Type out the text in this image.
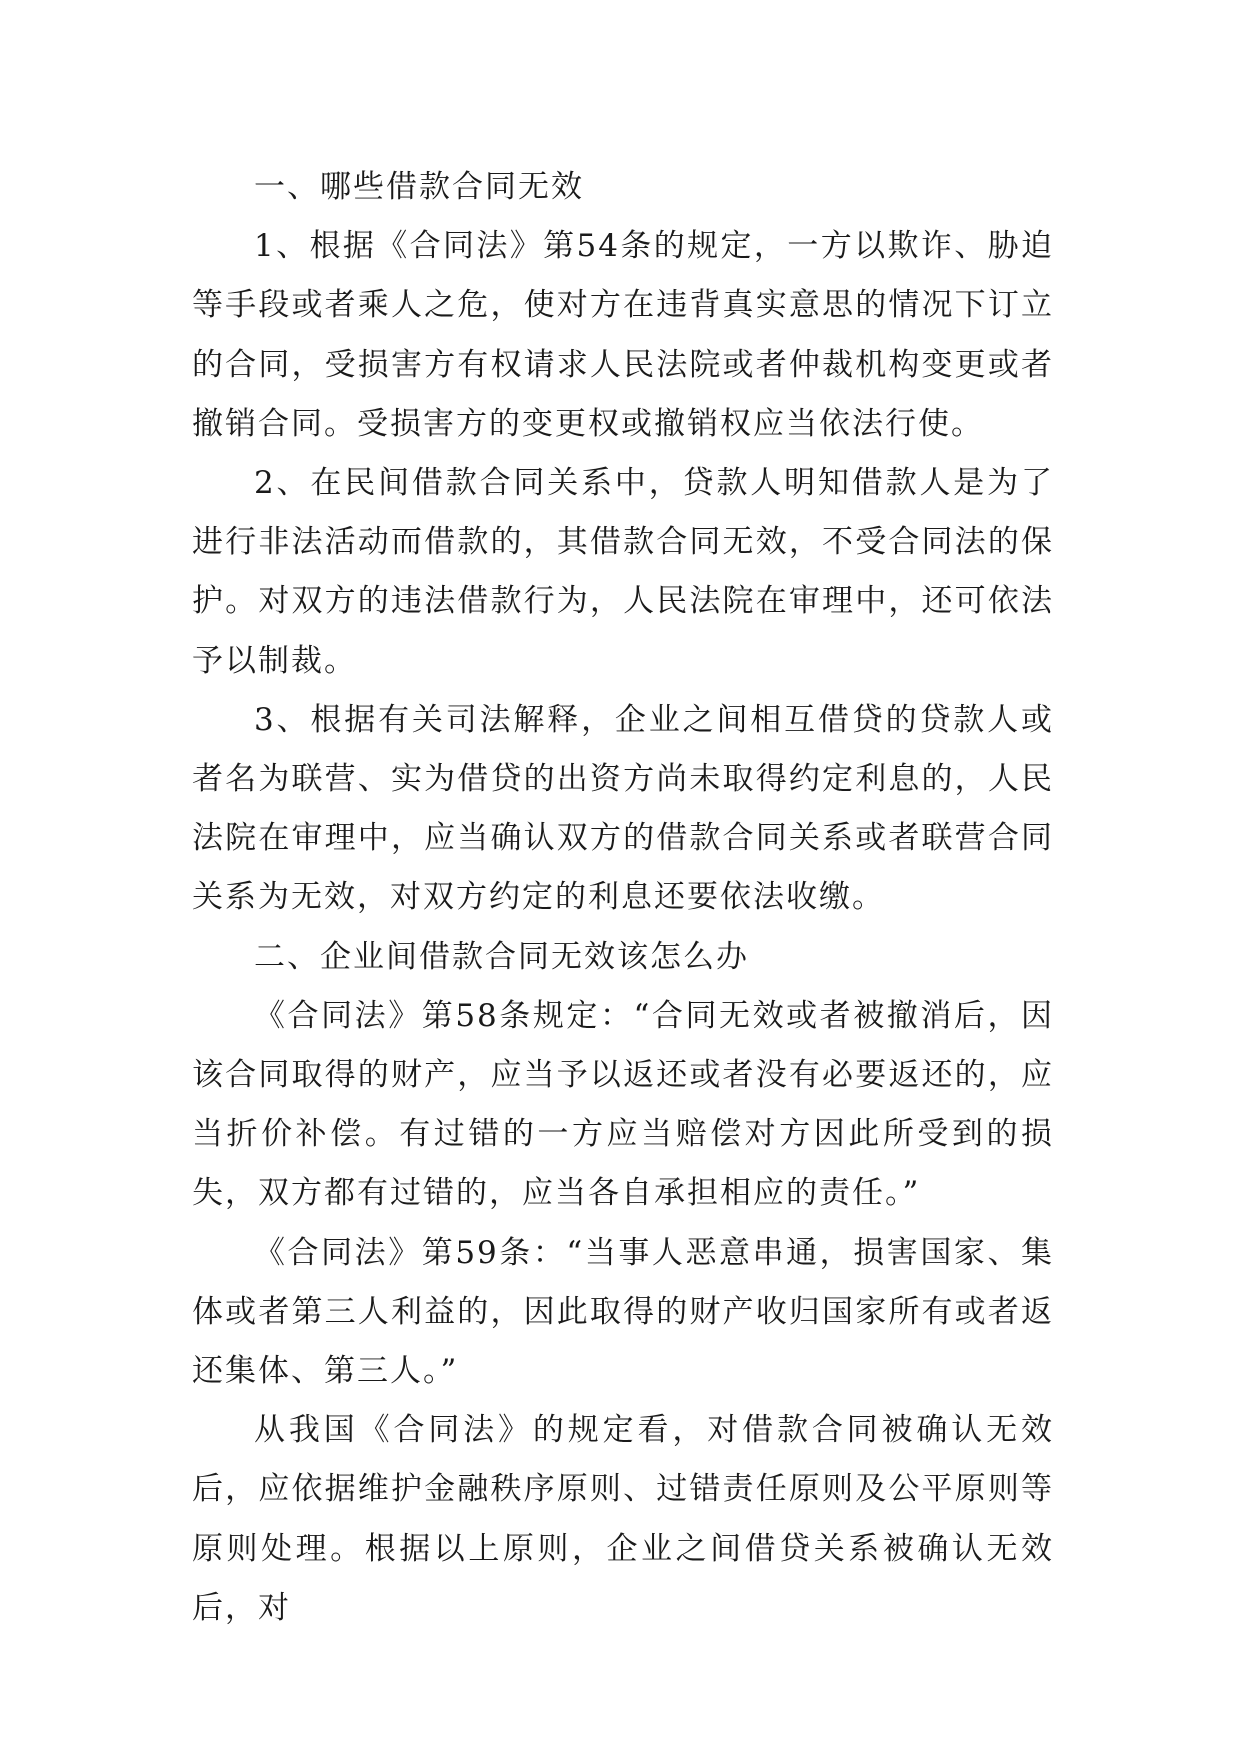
一、哪些借款合同无效

1、根据《合同法》第54条的规定，一方以欺诈、胁迫等手段或者乘人之危，使对方在违背真实意思的情况下订立的合同，受损害方有权请求人民法院或者仲裁机构变更或者撤销合同。受损害方的变更权或撤销权应当依法行使。

2、在民间借款合同关系中，贷款人明知借款人是为了进行非法活动而借款的，其借款合同无效，不受合同法的保护。对双方的违法借款行为，人民法院在审理中，还可依法予以制裁。

3、根据有关司法解释，企业之间相互借贷的贷款人或者名为联营、实为借贷的出资方尚未取得约定利息的，人民法院在审理中，应当确认双方的借款合同关系或者联营合同关系为无效，对双方约定的利息还要依法收缴。

二、企业间借款合同无效该怎么办

《合同法》第58条规定：“合同无效或者被撤消后，因该合同取得的财产，应当予以返还或者没有必要返还的，应当折价补偿。有过错的一方应当赔偿对方因此所受到的损失，双方都有过错的，应当各自承担相应的责任。”

《合同法》第59条：“当事人恶意串通，损害国家、集体或者第三人利益的，因此取得的财产收归国家所有或者返还集体、第三人。”

从我国《合同法》的规定看，对借款合同被确认无效后，应依据维护金融秩序原则、过错责任原则及公平原则等原则处理。根据以上原则，企业之间借贷关系被确认无效后，对
